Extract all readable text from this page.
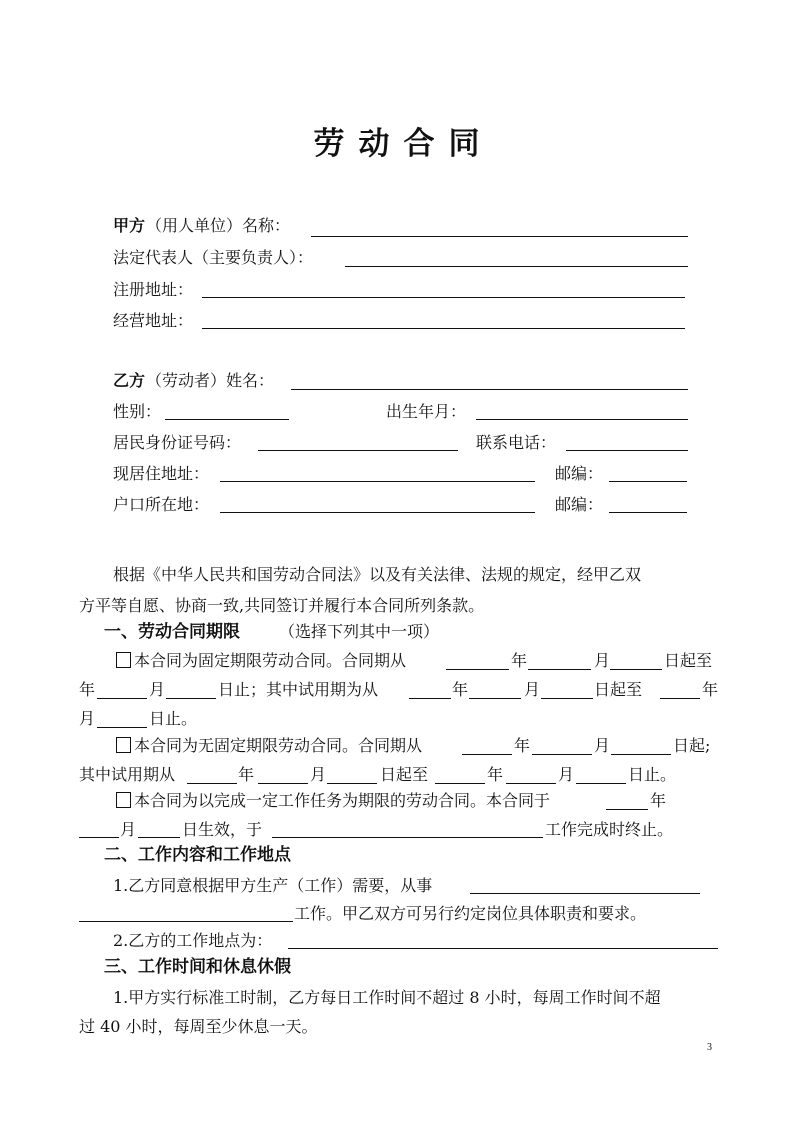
劳动合同
甲方 （用人单位）名称：
法定代表人（主要负责人）：
注册地址：
经营地址：
乙方 （劳动者）姓名：
性别：	出生年月：
居民身份证号码：	联系电话：
现居住地址：	邮编：
户口所在地：	邮编：
根据《中华人民共和国劳动合同法》以及有关法律、法规的规定，经甲乙双
方平等自愿、协商一致,共同签订并履行本合同所列条款。
一、劳动合同期限 （选择下列其中一项）
本合同为固定期限劳动合同。合同期从	年	月	日起至
年	月	日止；其中试用期为从	年	月	日起至	年
月	日止。
本合同为无固定期限劳动合同。合同期从	年	月	日起;
其中试用期从	年	月	日起至	年	月	日止。
本合同为以完成一定工作任务为期限的劳动合同。本合同于	年
月	日生效，于	工作完成时终止。
二、工作内容和工作地点
1.乙方同意根据甲方生产（工作）需要，从事
工作。甲乙双方可另行约定岗位具体职责和要求。
2.乙方的工作地点为：
三、工作时间和休息休假
1.甲方实行标准工时制，乙方每日工作时间不超过 8 小时，每周工作时间不超
过 40 小时，每周至少休息一天。
3
